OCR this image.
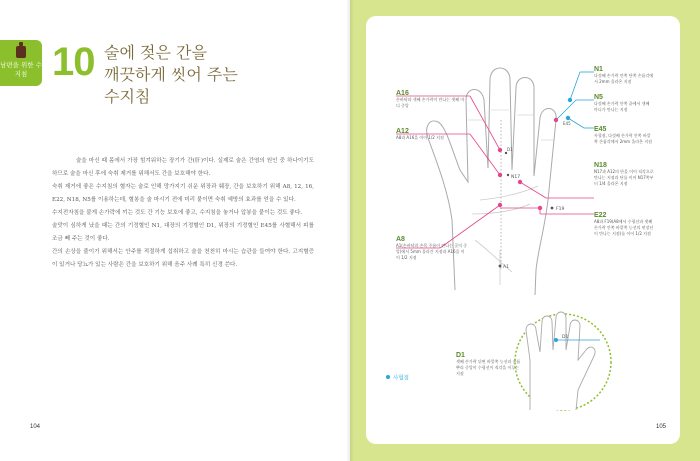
남편을 위한 수지침 10 술에 젖은 간을
깨끗하게 씻어 주는
수지침

술을 마신 때 몸에서 가장 힘겨워하는 장기가 간(肝)이다. 실제로 술은 간염의 원인 중 하나이기도 하므로 술을 마신 후에 숙취 제거를 위해서도 간을 보호해야 한다.

숙취 제거에 좋은 수지침의 혈자는 술로 인해 망가지기 쉬운 위장과 췌장, 간을 보호하기 위해 A8, 12, 16, E22, N18, N5를 이용하는데, 혈봉을 술 마시기 전에 미리 붙이면 숙취 예방의 효과를 얻을 수 있다.

수지전자침을 붙게 손가락에 끼는 것도 간 기능 보호에 좋고, 수지침을 놓거나 압봉을 붙이는 것도 좋다.

술맛이 심하게 났을 때는 간의 기정혈인 N1, 대장의 기정혈인 D1, 위장의 기정혈인 E45를 사혈해서 피를 조금 빼 주는 것이 좋다.

간의 손상을 줄이기 위해서는 안주를 적절하게 섭취하고 술을 천천히 마시는 습관을 들여야 한다. 고지혈증이 있거나 당뇨가 있는 사람은 간을 보호하기 위해 음주 사례 특히 신경 쓴다.

104
N17
F19
A1
D1
E45
D1
사혈점
A16
손바닥과 셋째 손가락이 만나는 셋째 마디 중앙
A12
A8과 A16을 이어 1/2 지점
A8
A1(손바닥과 손목 주름이 만나는 곳의 중앙)에서 5mm 올라간 지점과 A16을 이어 1/2 지점
N1
다섯째 손가락 안쪽 단쪽 손톱각에서 2mm 올라온 지점
N5
다섯째 손가락 안쪽 끝에서 셋째 마디가 만나는 지점
E45
사혈점, 다섯째 손가락 안쪽 바깥쪽 손톱각에서 2mm 올라온 지점
N18
N17과 A12의 단을 이어 직각으로 만나는 지점과 단를 이어 N17쪽부터 1/4 올라온 지점
E22
A8과 F19(A8에서 수평선과 셋째 손가락 안쪽 바깥쪽 능선의 연장선이 만나는 지점)를 이어 1/2 지점
D1
셋째 손가락 뒤면 바깥쪽 능선과 손톱뿌리 중앙이 수평선이 직각을 이루는 지점
105
